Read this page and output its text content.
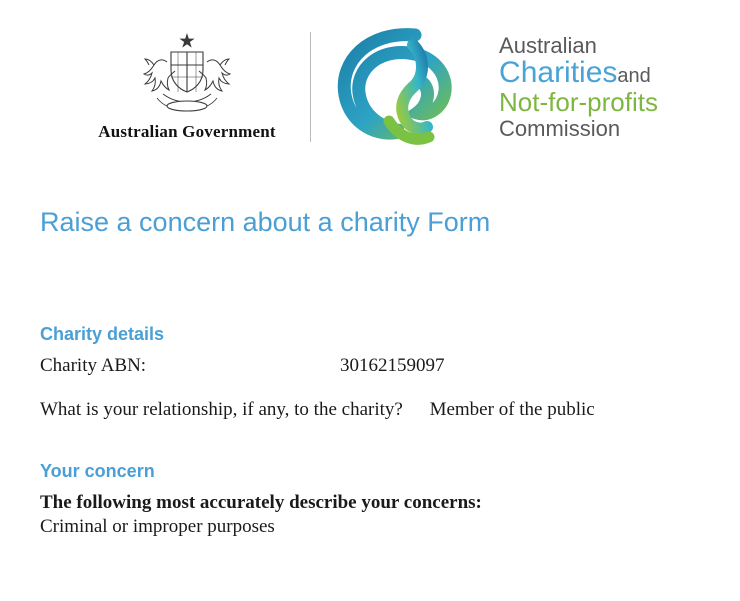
Australian Government
Australian
Charitiesand
Not-for-profits
Commission
Raise a concern about a charity Form
Charity details
Charity ABN:	30162159097
What is your relationship, if any, to the charity? Member of the public
Your concern

The following most accurately describe your concerns:

Criminal or improper purposes
